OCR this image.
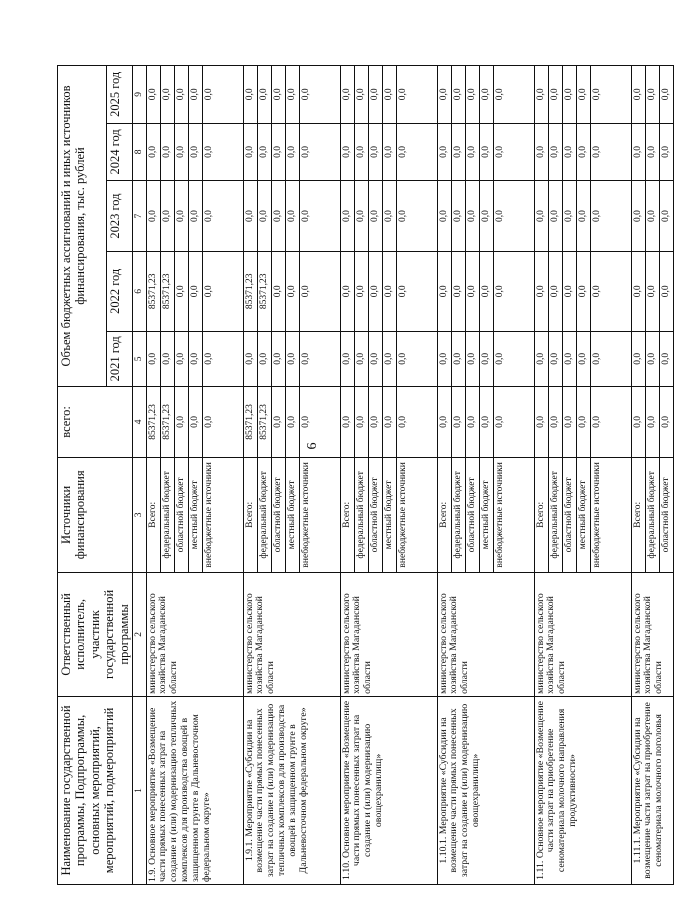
6
Наименование государственной программы, Подпрограммы, основных мероприятий, мероприятий, подмероприятий	Ответственный исполнитель, участник государственной программы	Источники финансирования	всего:	Объем бюджетных ассигнований и иных источников финансирования, тыс. рублей				
				2021 год	2022 год	2023 год	2024 год	2025 год
1	2	3	4	5	6	7	8	9
1.9. Основное мероприятие «Возмещение части прямых понесенных затрат на создание и (или) модернизацию тепличных комплексов для производства овощей в защищенном грунте в Дальневосточном федеральном округе»	министерство сельского хозяйства Магаданской области	Всего:	85371,23	0,0	85371,23	0,0	0,0	0,0
		федеральный бюджет	85371,23	0,0	85371,23	0,0	0,0	0,0
		областной бюджет	0,0	0,0	0,0	0,0	0,0	0,0
		местный бюджет	0,0	0,0	0,0	0,0	0,0	0,0
		внебюджетные источники	0,0	0,0	0,0	0,0	0,0	0,0
1.9.1. Мероприятие «Субсидии на возмещение части прямых понесенных затрат на создание и (или) модернизацию тепличных комплексов для производства овощей в защищенном грунте в Дальневосточном федеральном округе»	министерство сельского хозяйства Магаданской области	Всего:	85371,23	0,0	85371,23	0,0	0,0	0,0
		федеральный бюджет	85371,23	0,0	85371,23	0,0	0,0	0,0
		областной бюджет	0,0	0,0	0,0	0,0	0,0	0,0
		местный бюджет	0,0	0,0	0,0	0,0	0,0	0,0
		внебюджетные источники	0,0	0,0	0,0	0,0	0,0	0,0
1.10. Основное мероприятие «Возмещение части прямых понесенных затрат на создание и (или) модернизацию овощехранилищ»	министерство сельского хозяйства Магаданской области	Всего:	0,0	0,0	0,0	0,0	0,0	0,0
		федеральный бюджет	0,0	0,0	0,0	0,0	0,0	0,0
		областной бюджет	0,0	0,0	0,0	0,0	0,0	0,0
		местный бюджет	0,0	0,0	0,0	0,0	0,0	0,0
		внебюджетные источники	0,0	0,0	0,0	0,0	0,0	0,0
1.10.1. Мероприятие «Субсидии на возмещение части прямых понесенных затрат на создание и (или) модернизацию овощехранилищ»	министерство сельского хозяйства Магаданской области	Всего:	0,0	0,0	0,0	0,0	0,0	0,0
		федеральный бюджет	0,0	0,0	0,0	0,0	0,0	0,0
		областной бюджет	0,0	0,0	0,0	0,0	0,0	0,0
		местный бюджет	0,0	0,0	0,0	0,0	0,0	0,0
		внебюджетные источники	0,0	0,0	0,0	0,0	0,0	0,0
1.11. Основное мероприятие «Возмещение части затрат на приобретение сеноматериала молочного направления продуктивности»	министерство сельского хозяйства Магаданской области	Всего:	0,0	0,0	0,0	0,0	0,0	0,0
		федеральный бюджет	0,0	0,0	0,0	0,0	0,0	0,0
		областной бюджет	0,0	0,0	0,0	0,0	0,0	0,0
		местный бюджет	0,0	0,0	0,0	0,0	0,0	0,0
		внебюджетные источники	0,0	0,0	0,0	0,0	0,0	0,0
1.11.1. Мероприятие «Субсидии на возмещение части затрат на приобретение сеноматериала молочного поголовья	министерство сельского хозяйства Магаданской области	Всего:	0,0	0,0	0,0	0,0	0,0	0,0
		федеральный бюджет	0,0	0,0	0,0	0,0	0,0	0,0
		областной бюджет	0,0	0,0	0,0	0,0	0,0	0,0
